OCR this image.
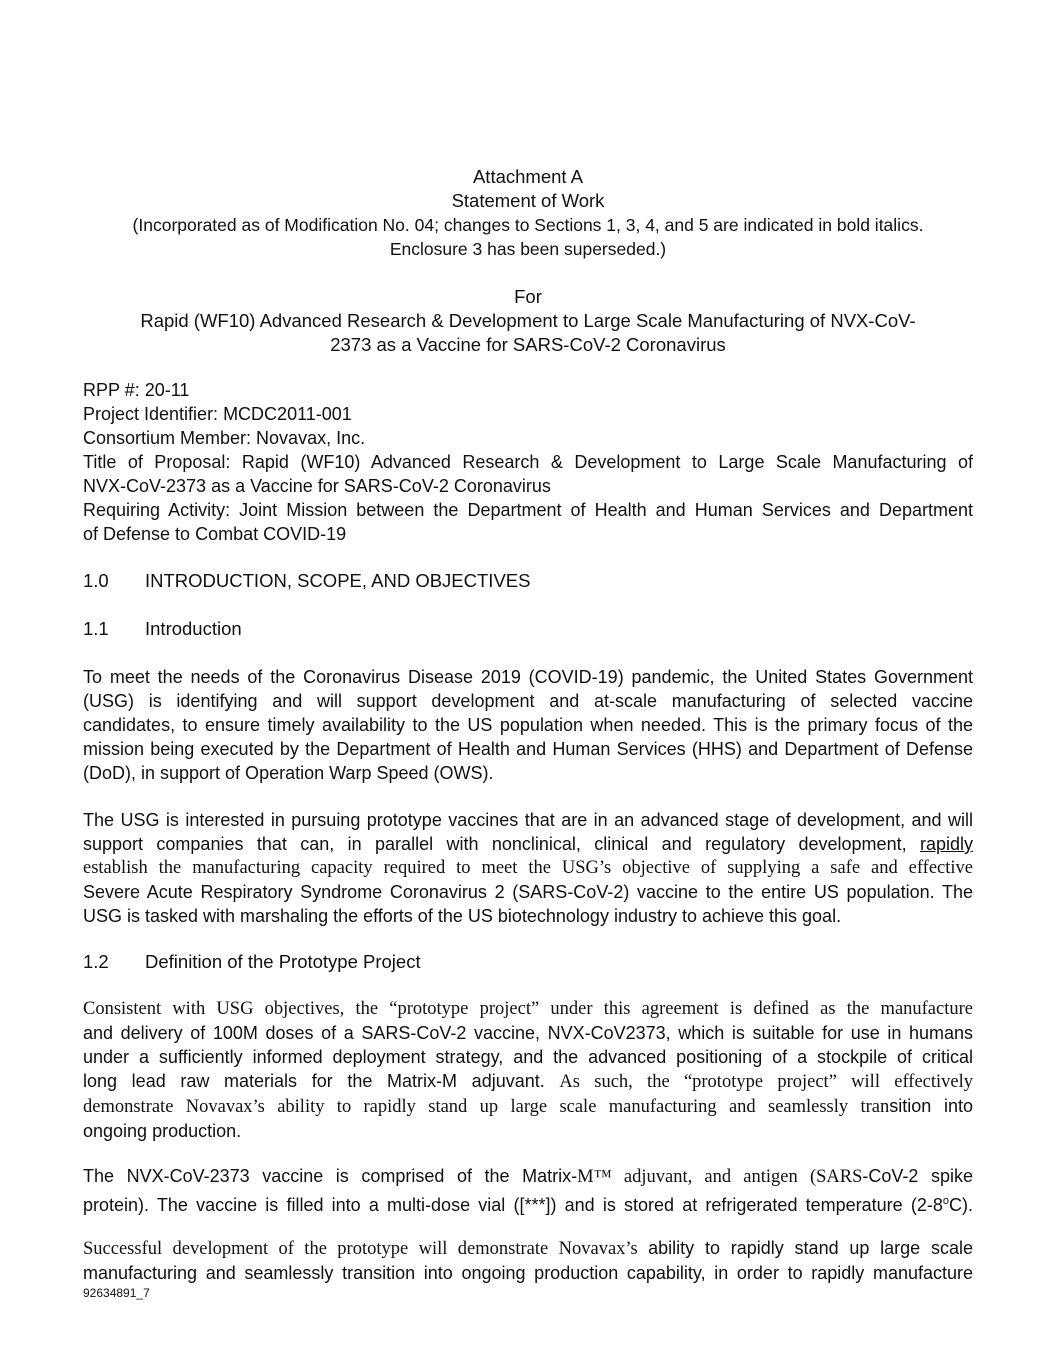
Attachment A
Statement of Work
(Incorporated as of Modification No. 04; changes to Sections 1, 3, 4, and 5 are indicated in bold italics.
Enclosure 3 has been superseded.)
For
Rapid (WF10) Advanced Research & Development to Large Scale Manufacturing of NVX-CoV-
2373 as a Vaccine for SARS-CoV-2 Coronavirus
RPP #: 20-11
Project Identifier: MCDC2011-001
Consortium Member: Novavax, Inc.
Title of Proposal: Rapid (WF10) Advanced Research & Development to Large Scale Manufacturing of
NVX-CoV-2373 as a Vaccine for SARS-CoV-2 Coronavirus
Requiring Activity: Joint Mission between the Department of Health and Human Services and Department
of Defense to Combat COVID-19
1.0 INTRODUCTION, SCOPE, AND OBJECTIVES
1.1 Introduction
To meet the needs of the Coronavirus Disease 2019 (COVID-19) pandemic, the United States Government
(USG) is identifying and will support development and at-scale manufacturing of selected vaccine
candidates, to ensure timely availability to the US population when needed. This is the primary focus of the
mission being executed by the Department of Health and Human Services (HHS) and Department of Defense
(DoD), in support of Operation Warp Speed (OWS).
The USG is interested in pursuing prototype vaccines that are in an advanced stage of development, and will
support companies that can, in parallel with nonclinical, clinical and regulatory development, rapidly
establish the manufacturing capacity required to meet the USG’s objective of supplying a safe and effective
Severe Acute Respiratory Syndrome Coronavirus 2 (SARS-CoV-2) vaccine to the entire US population. The
USG is tasked with marshaling the efforts of the US biotechnology industry to achieve this goal.
1.2 Definition of the Prototype Project
Consistent with USG objectives, the “prototype project” under this agreement is defined as the manufacture
and delivery of 100M doses of a SARS-CoV-2 vaccine, NVX-CoV2373, which is suitable for use in humans
under a sufficiently informed deployment strategy, and the advanced positioning of a stockpile of critical
long lead raw materials for the Matrix-M adjuvant. As such, the “prototype project” will effectively
demonstrate Novavax’s ability to rapidly stand up large scale manufacturing and seamlessly transition into
ongoing production.
The NVX-CoV-2373 vaccine is comprised of the Matrix-M™ adjuvant, and antigen (SARS-CoV-2 spike
protein). The vaccine is filled into a multi-dose vial ([***]) and is stored at refrigerated temperature (2-8$^o$C).
Successful development of the prototype will demonstrate Novavax’s ability to rapidly stand up large scale
manufacturing and seamlessly transition into ongoing production capability, in order to rapidly manufacture
92634891_7
